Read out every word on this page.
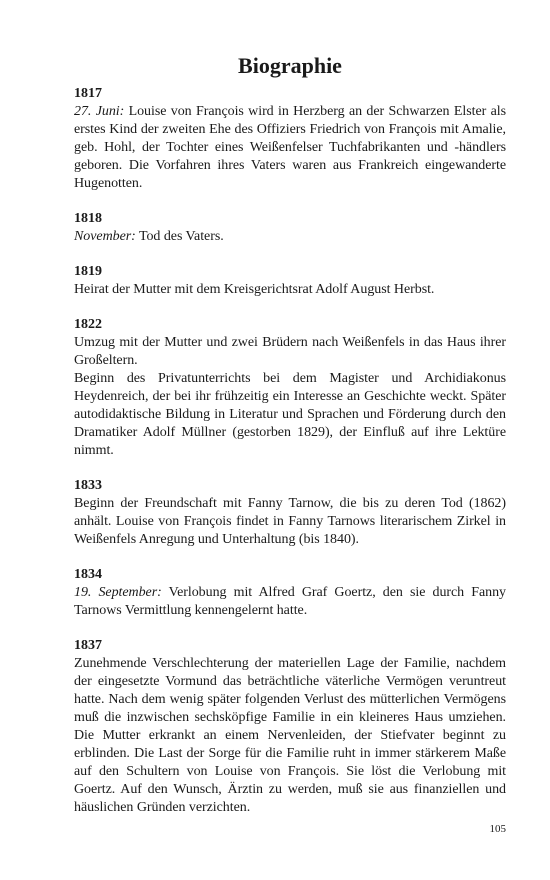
Biographie

1817

27. Juni: Louise von François wird in Herzberg an der Schwarzen Elster als erstes Kind der zweiten Ehe des Offiziers Friedrich von François mit Amalie, geb. Hohl, der Tochter eines Weißenfelser Tuchfabrikanten und -händlers geboren. Die Vorfahren ihres Vaters waren aus Frankreich eingewanderte Hugenotten.

1818

November: Tod des Vaters.

1819

Heirat der Mutter mit dem Kreisgerichtsrat Adolf August Herbst.

1822

Umzug mit der Mutter und zwei Brüdern nach Weißenfels in das Haus ihrer Großeltern.

Beginn des Privatunterrichts bei dem Magister und Archidiakonus Heydenreich, der bei ihr frühzeitig ein Interesse an Geschichte weckt. Später autodidaktische Bildung in Literatur und Sprachen und Förderung durch den Dramatiker Adolf Müllner (gestorben 1829), der Einfluß auf ihre Lektüre nimmt.

1833

Beginn der Freundschaft mit Fanny Tarnow, die bis zu deren Tod (1862) anhält. Louise von François findet in Fanny Tarnows literarischem Zirkel in Weißenfels Anregung und Unterhaltung (bis 1840).

1834

19. September: Verlobung mit Alfred Graf Goertz, den sie durch Fanny Tarnows Vermittlung kennengelernt hatte.

1837

Zunehmende Verschlechterung der materiellen Lage der Familie, nachdem der eingesetzte Vormund das beträchtliche väterliche Vermögen veruntreut hatte. Nach dem wenig später folgenden Verlust des mütterlichen Vermögens muß die inzwischen sechsköpfige Familie in ein kleineres Haus umziehen. Die Mutter erkrankt an einem Nervenleiden, der Stiefvater beginnt zu erblinden. Die Last der Sorge für die Familie ruht in immer stärkerem Maße auf den Schultern von Louise von François. Sie löst die Verlobung mit Goertz. Auf den Wunsch, Ärztin zu werden, muß sie aus finanziellen und häuslichen Gründen verzichten.

105
